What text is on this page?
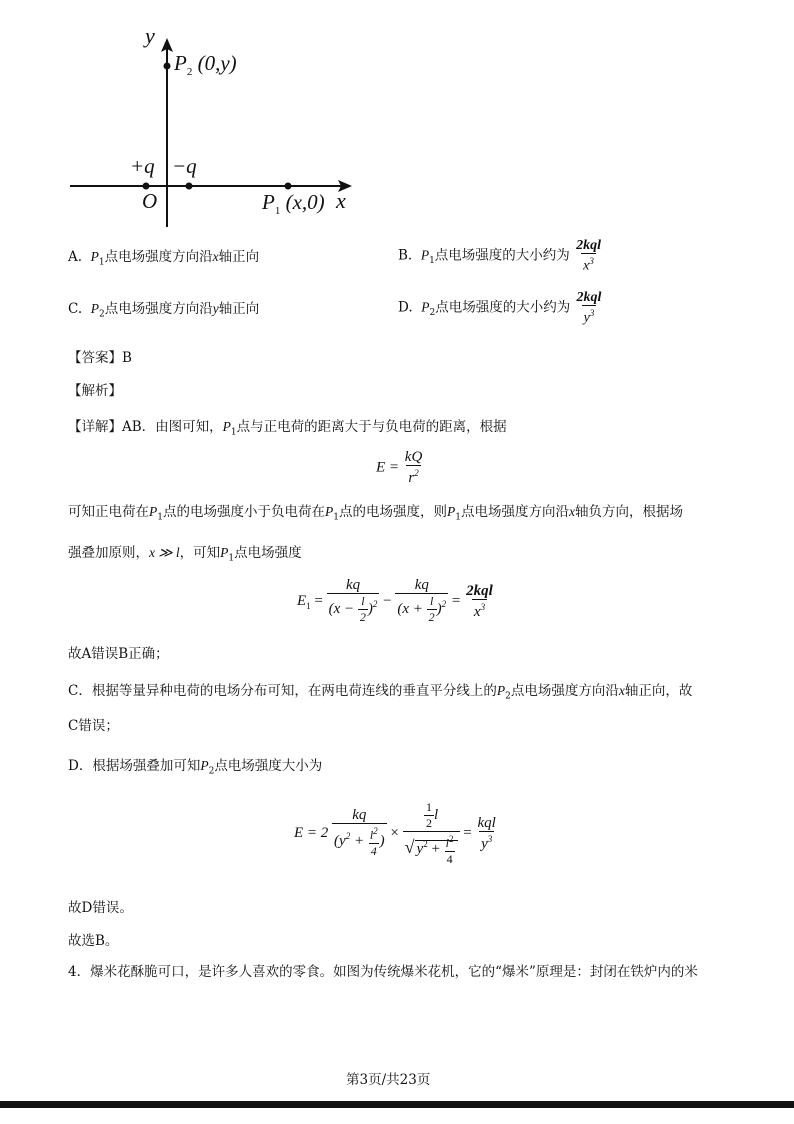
y
x
O
+q −q
$P_2$ (0,y)
$P_1$ (x,0)
A. $P_1$点电场强度方向沿x轴正向	B. $P_1$点电场强度的大小约为 $\frac{\text{2kql}}{x^3}$
C. $P_2$点电场强度方向沿y轴正向	D. $P_2$点电场强度的大小约为 $\frac{\text{2kql}}{y^3}$
【答案】B
【解析】
【详解】AB．由图可知，$P_1$点与正电荷的距离大于与负电荷的距离，根据
$E = \frac{kQ}{r^2}$
可知正电荷在$P_1$点的电场强度小于负电荷在$P_1$点的电场强度，则$P_1$点电场强度方向沿x轴负方向，根据场
强叠加原则，x ≫ l，可知$P_1$点电场强度
$E_1 = \frac{kq}{(x - \frac{l}{2} )^2} - \frac{kq}{(x + \frac{l}{2} )^2} = \frac{\text{2kql}}{x^3}$
故A错误B正确；
C．根据等量异种电荷的电场分布可知，在两电荷连线的垂直平分线上的$P_2$点电场强度方向沿x轴正向，故
C错误；
D．根据场强叠加可知$P_2$点电场强度大小为
$E = 2 \frac{kq}{(y^2 + \frac{l^2}{4} )} \times \frac{\frac{1}{2} l}{√ y^2 + \frac{l^2}{4}} = \frac{\text{kql}}{y^3}$
故D错误。
故选B。
4．爆米花酥脆可口，是许多人喜欢的零食。如图为传统爆米花机，它的“爆米”原理是：封闭在铁炉内的米
第3页/共23页
